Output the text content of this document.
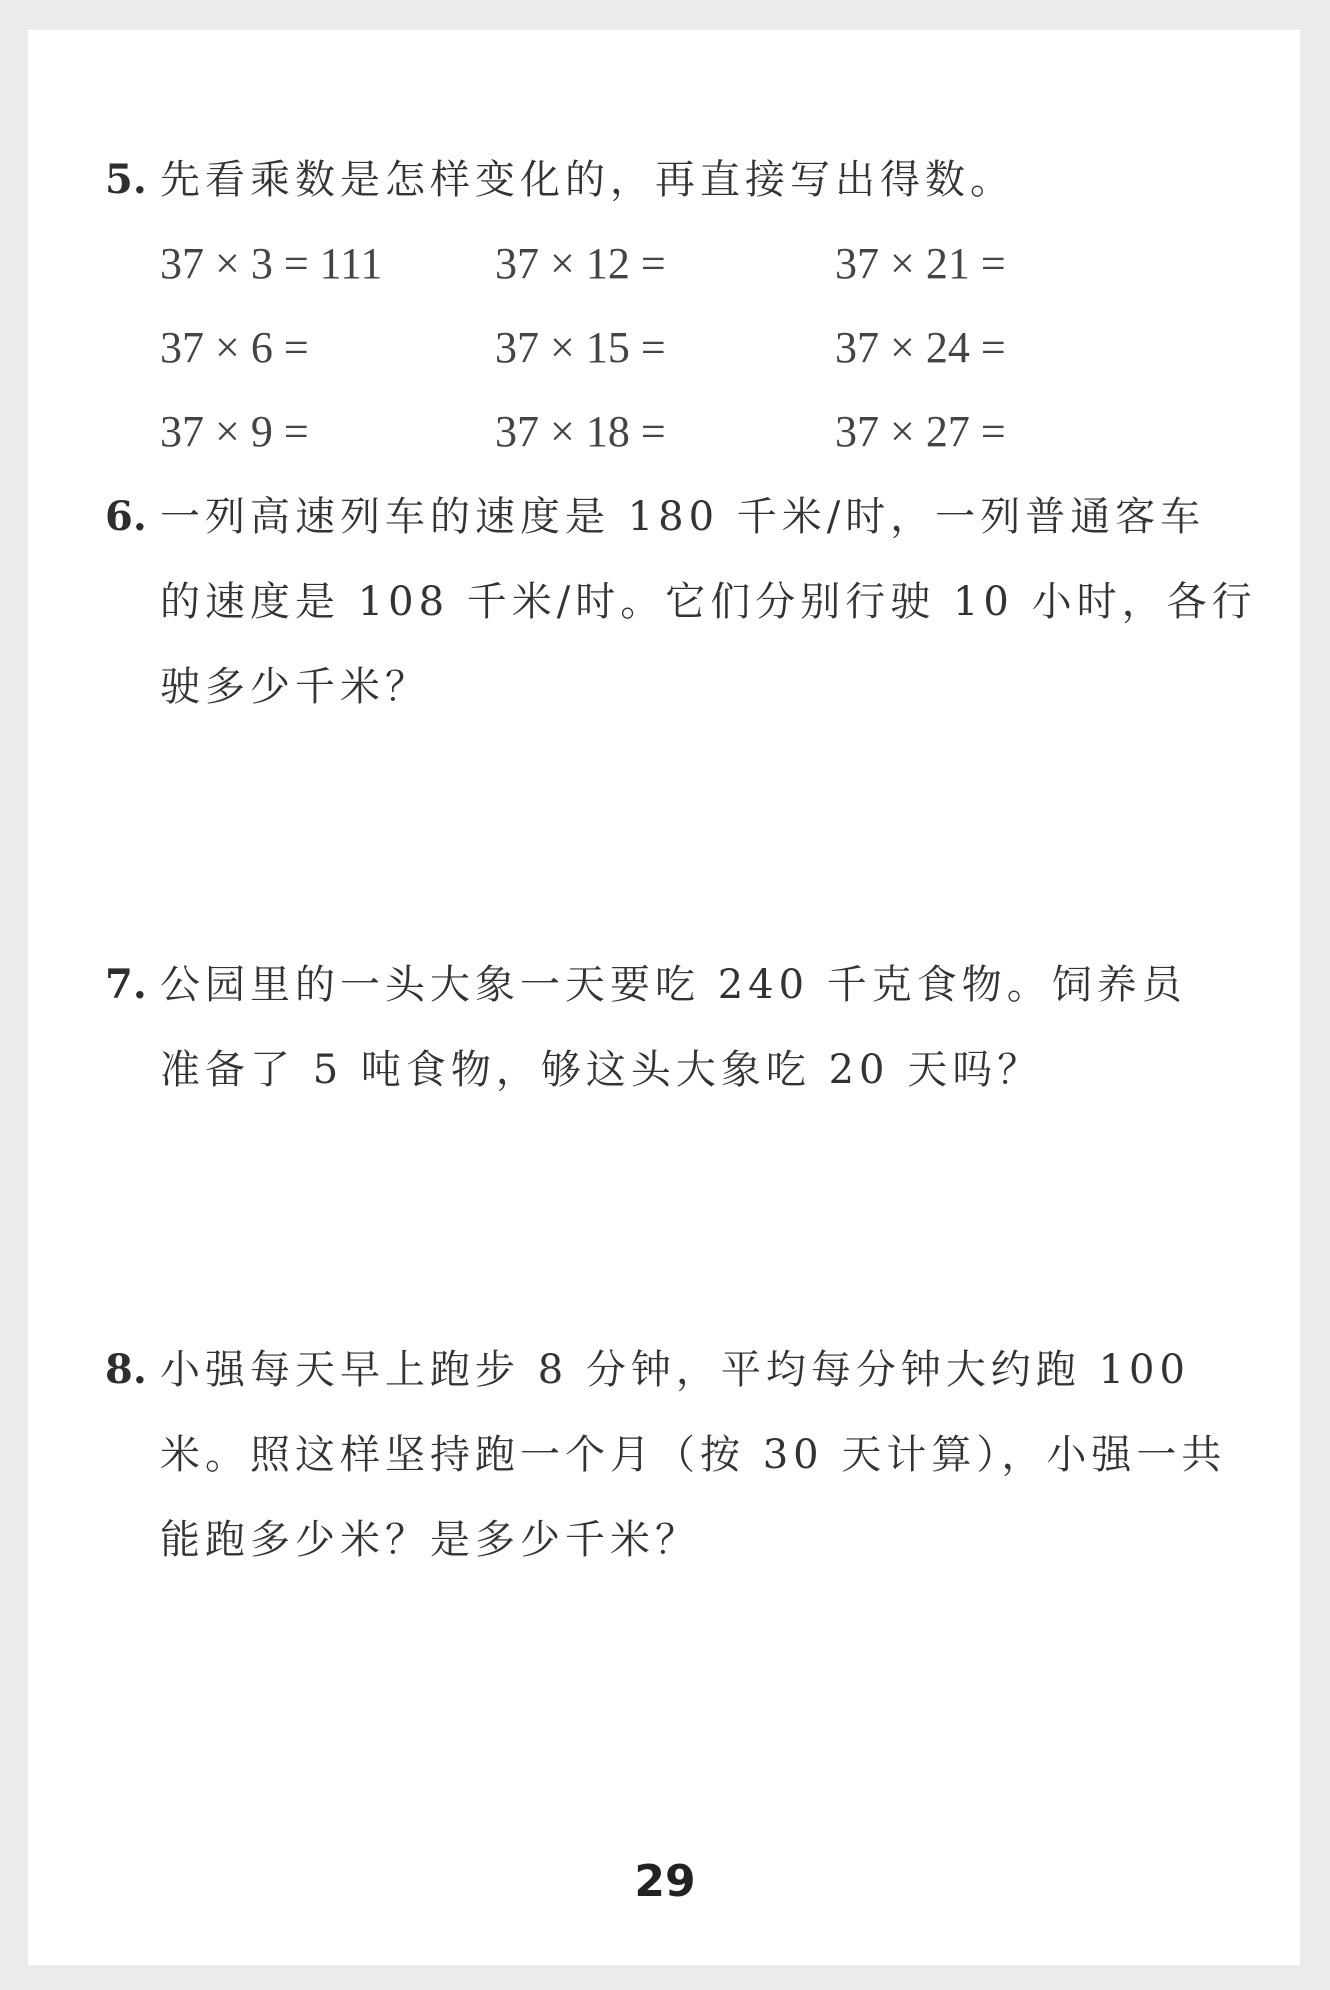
5. 先看乘数是怎样变化的，再直接写出得数。
37 × 3 = 111	37 × 12 =	37 × 21 =
37 × 6 =	37 × 15 =	37 × 24 =
37 × 9 =	37 × 18 =	37 × 27 =
6. 一列高速列车的速度是 180 千米/时，一列普通客车
的速度是 108 千米/时。它们分别行驶 10 小时，各行
驶多少千米？
7. 公园里的一头大象一天要吃 240 千克食物。饲养员
准备了 5 吨食物，够这头大象吃 20 天吗？
8. 小强每天早上跑步 8 分钟，平均每分钟大约跑 100
米。照这样坚持跑一个月（按 30 天计算），小强一共
能跑多少米？是多少千米？
29
